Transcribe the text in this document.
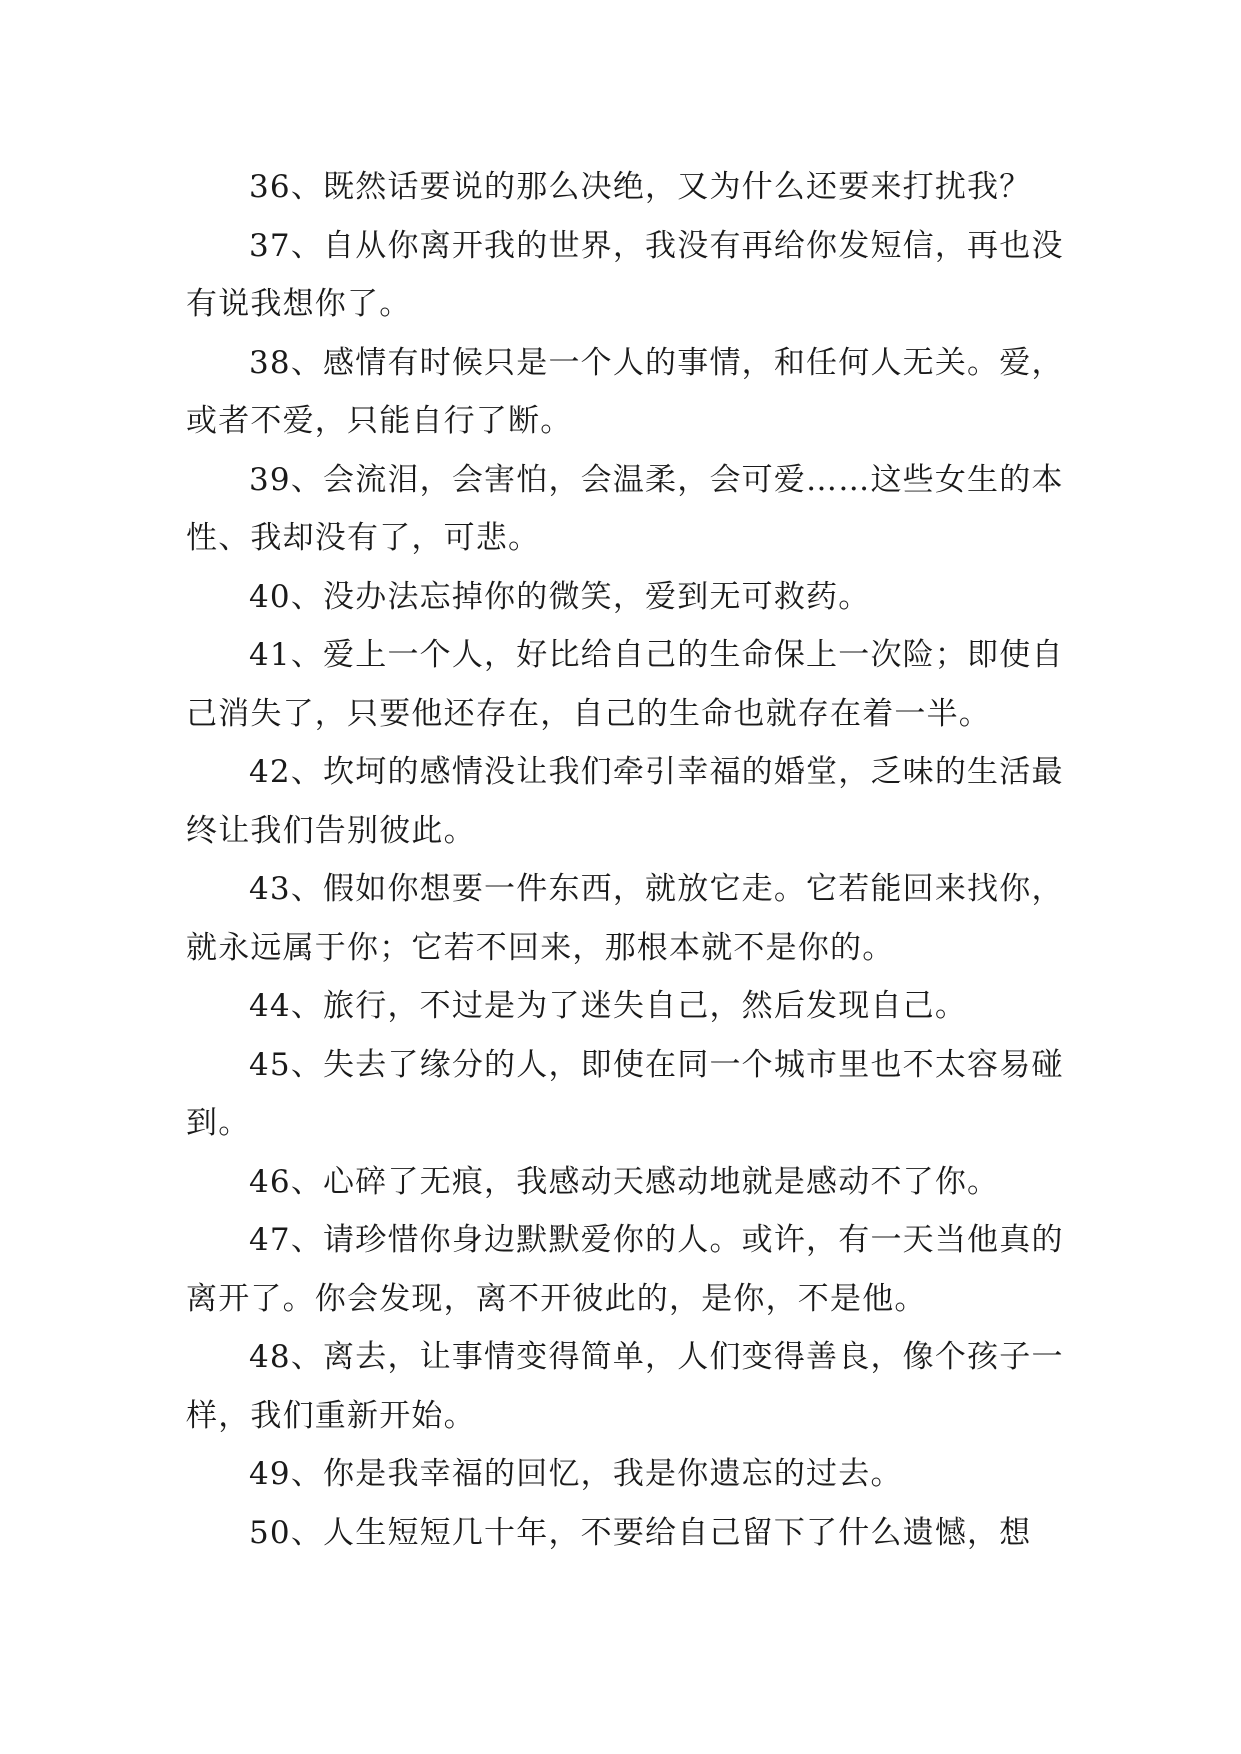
36、既然话要说的那么决绝，又为什么还要来打扰我？

37、自从你离开我的世界，我没有再给你发短信，再也没有说我想你了。

38、感情有时候只是一个人的事情，和任何人无关。爱，或者不爱，只能自行了断。

39、会流泪，会害怕，会温柔，会可爱……这些女生的本性、我却没有了，可悲。

40、没办法忘掉你的微笑，爱到无可救药。

41、爱上一个人，好比给自己的生命保上一次险；即使自己消失了，只要他还存在，自己的生命也就存在着一半。

42、坎坷的感情没让我们牵引幸福的婚堂，乏味的生活最终让我们告别彼此。

43、假如你想要一件东西，就放它走。它若能回来找你，就永远属于你；它若不回来，那根本就不是你的。

44、旅行，不过是为了迷失自己，然后发现自己。

45、失去了缘分的人，即使在同一个城市里也不太容易碰到。

46、心碎了无痕，我感动天感动地就是感动不了你。

47、请珍惜你身边默默爱你的人。或许，有一天当他真的离开了。你会发现，离不开彼此的，是你，不是他。

48、离去，让事情变得简单，人们变得善良，像个孩子一样，我们重新开始。

49、你是我幸福的回忆，我是你遗忘的过去。

50、人生短短几十年，不要给自己留下了什么遗憾，想
